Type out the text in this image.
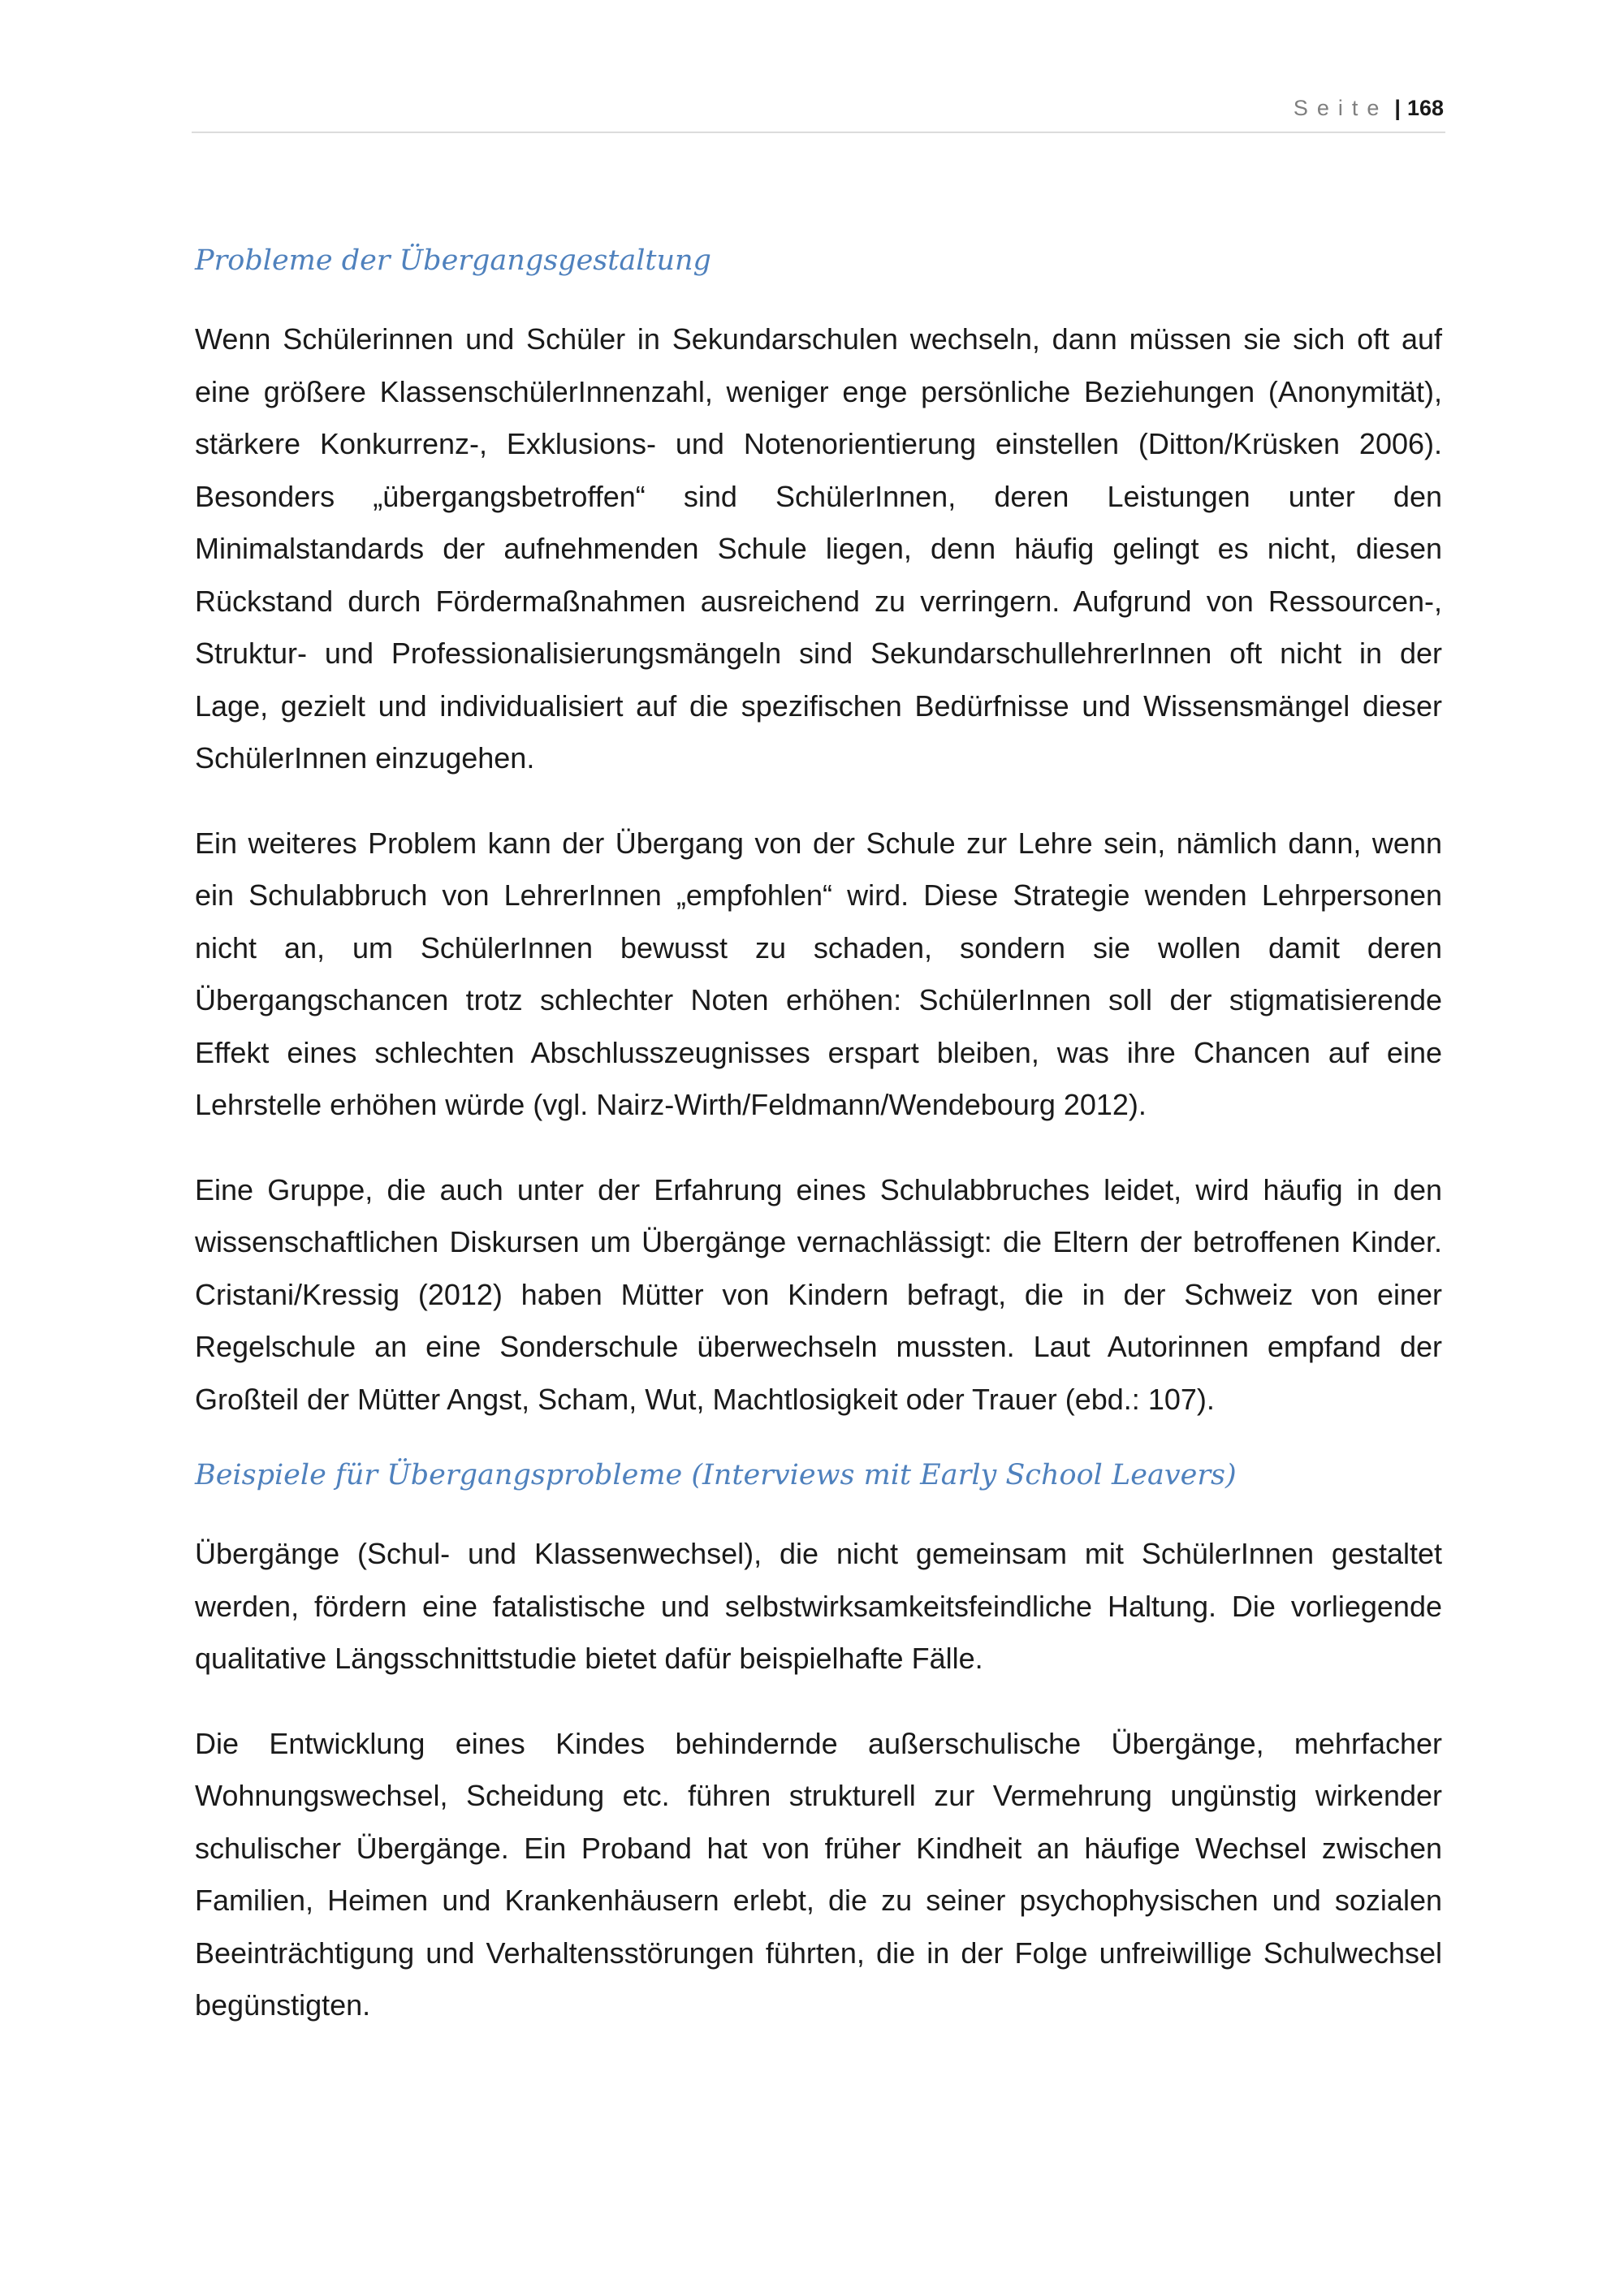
Seite | 168
Probleme der Übergangsgestaltung

Wenn Schülerinnen und Schüler in Sekundarschulen wechseln, dann müssen sie sich oft auf eine größere KlassenschülerInnenzahl, weniger enge persönliche Beziehungen (Anonymität), stärkere Konkurrenz-, Exklusions- und Notenorientierung einstellen (Ditton/Krüsken 2006). Besonders „übergangsbetroffen“ sind SchülerInnen, deren Leistungen unter den Minimalstandards der aufnehmenden Schule liegen, denn häufig gelingt es nicht, diesen Rückstand durch Fördermaßnahmen ausreichend zu verringern. Aufgrund von Ressourcen-, Struktur- und Professionalisierungsmängeln sind SekundarschullehrerInnen oft nicht in der Lage, gezielt und individualisiert auf die spezifischen Bedürfnisse und Wissensmängel dieser SchülerInnen einzugehen.

Ein weiteres Problem kann der Übergang von der Schule zur Lehre sein, nämlich dann, wenn ein Schulabbruch von LehrerInnen „empfohlen“ wird. Diese Strategie wenden Lehrpersonen nicht an, um SchülerInnen bewusst zu schaden, sondern sie wollen damit deren Übergangschancen trotz schlechter Noten erhöhen: SchülerInnen soll der stigmatisierende Effekt eines schlechten Abschlusszeugnisses erspart bleiben, was ihre Chancen auf eine Lehrstelle erhöhen würde (vgl. Nairz-Wirth/Feldmann/Wendebourg 2012).

Eine Gruppe, die auch unter der Erfahrung eines Schulabbruches leidet, wird häufig in den wissenschaftlichen Diskursen um Übergänge vernachlässigt: die Eltern der betroffenen Kinder. Cristani/Kressig (2012) haben Mütter von Kindern befragt, die in der Schweiz von einer Regelschule an eine Sonderschule überwechseln mussten. Laut Autorinnen empfand der Großteil der Mütter Angst, Scham, Wut, Machtlosigkeit oder Trauer (ebd.: 107).

Beispiele für Übergangsprobleme (Interviews mit Early School Leavers)

Übergänge (Schul- und Klassenwechsel), die nicht gemeinsam mit SchülerInnen gestaltet werden, fördern eine fatalistische und selbstwirksamkeitsfeindliche Haltung. Die vorliegende qualitative Längsschnittstudie bietet dafür beispielhafte Fälle.

Die Entwicklung eines Kindes behindernde außerschulische Übergänge, mehrfacher Wohnungswechsel, Scheidung etc. führen strukturell zur Vermehrung ungünstig wirkender schulischer Übergänge. Ein Proband hat von früher Kindheit an häufige Wechsel zwischen Familien, Heimen und Krankenhäusern erlebt, die zu seiner psychophysischen und sozialen Beeinträchtigung und Verhaltensstörungen führten, die in der Folge unfreiwillige Schulwechsel begünstigten.
